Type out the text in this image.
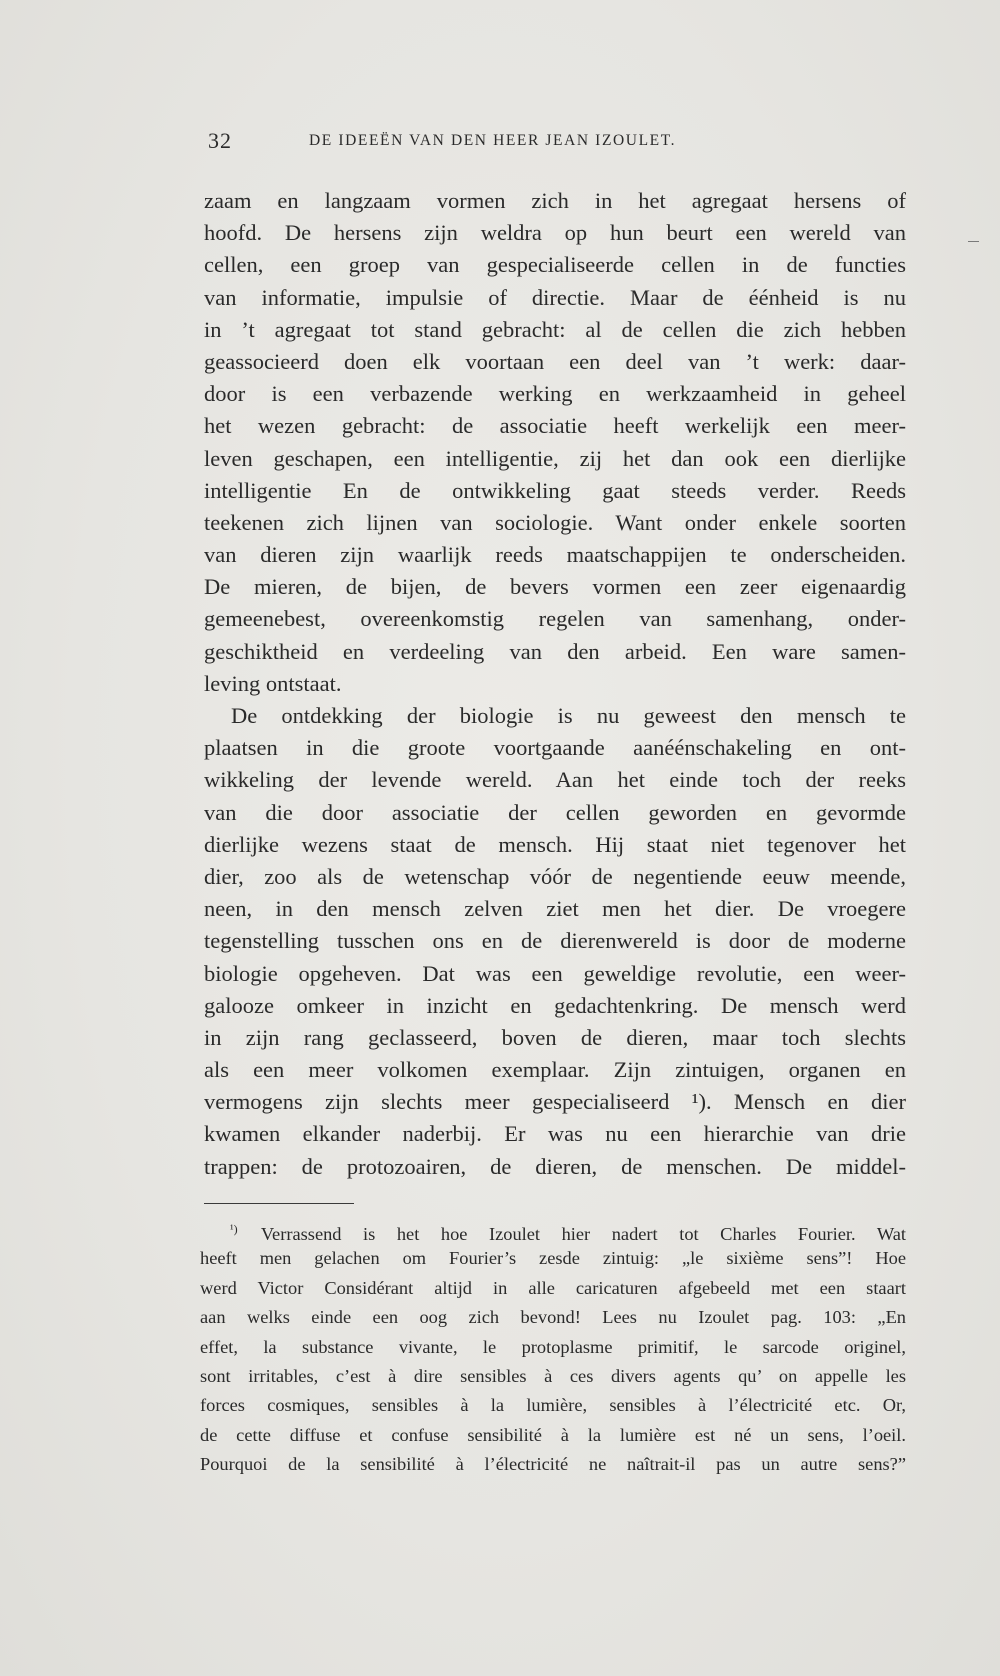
32	DE IDEEËN VAN DEN HEER JEAN IZOULET.
zaam en langzaam vormen zich in het agregaat hersens of
hoofd. De hersens zijn weldra op hun beurt een wereld van
cellen, een groep van gespecialiseerde cellen in de functies
van informatie, impulsie of directie. Maar de éénheid is nu
in ’t agregaat tot stand gebracht: al de cellen die zich hebben
geassocieerd doen elk voortaan een deel van ’t werk: daar-
door is een verbazende werking en werkzaamheid in geheel
het wezen gebracht: de associatie heeft werkelijk een meer-
leven geschapen, een intelligentie, zij het dan ook een dierlijke
intelligentie En de ontwikkeling gaat steeds verder. Reeds
teekenen zich lijnen van sociologie. Want onder enkele soorten
van dieren zijn waarlijk reeds maatschappijen te onderscheiden.
De mieren, de bijen, de bevers vormen een zeer eigenaardig
gemeenebest, overeenkomstig regelen van samenhang, onder-
geschiktheid en verdeeling van den arbeid. Een ware samen-
leving ontstaat.
De ontdekking der biologie is nu geweest den mensch te
plaatsen in die groote voortgaande aanéénschakeling en ont-
wikkeling der levende wereld. Aan het einde toch der reeks
van die door associatie der cellen geworden en gevormde
dierlijke wezens staat de mensch. Hij staat niet tegenover het
dier, zoo als de wetenschap vóór de negentiende eeuw meende,
neen, in den mensch zelven ziet men het dier. De vroegere
tegenstelling tusschen ons en de dierenwereld is door de moderne
biologie opgeheven. Dat was een geweldige revolutie, een weer-
galooze omkeer in inzicht en gedachtenkring. De mensch werd
in zijn rang geclasseerd, boven de dieren, maar toch slechts
als een meer volkomen exemplaar. Zijn zintuigen, organen en
vermogens zijn slechts meer gespecialiseerd ¹). Mensch en dier
kwamen elkander naderbij. Er was nu een hierarchie van drie
trappen: de protozoairen, de dieren, de menschen. De middel-
$^{^1)}$ Verrassend is het hoe Izoulet hier nadert tot Charles Fourier. Wat
heeft men gelachen om Fourier’s zesde zintuig: „le sixième sens”! Hoe
werd Victor Considérant altijd in alle caricaturen afgebeeld met een staart
aan welks einde een oog zich bevond! Lees nu Izoulet pag. 103: „En
effet, la substance vivante, le protoplasme primitif, le sarcode originel,
sont irritables, c’est à dire sensibles à ces divers agents qu’ on appelle les
forces cosmiques, sensibles à la lumière, sensibles à l’électricité etc. Or,
de cette diffuse et confuse sensibilité à la lumière est né un sens, l’oeil.
Pourquoi de la sensibilité à l’électricité ne naîtrait-il pas un autre sens?”
